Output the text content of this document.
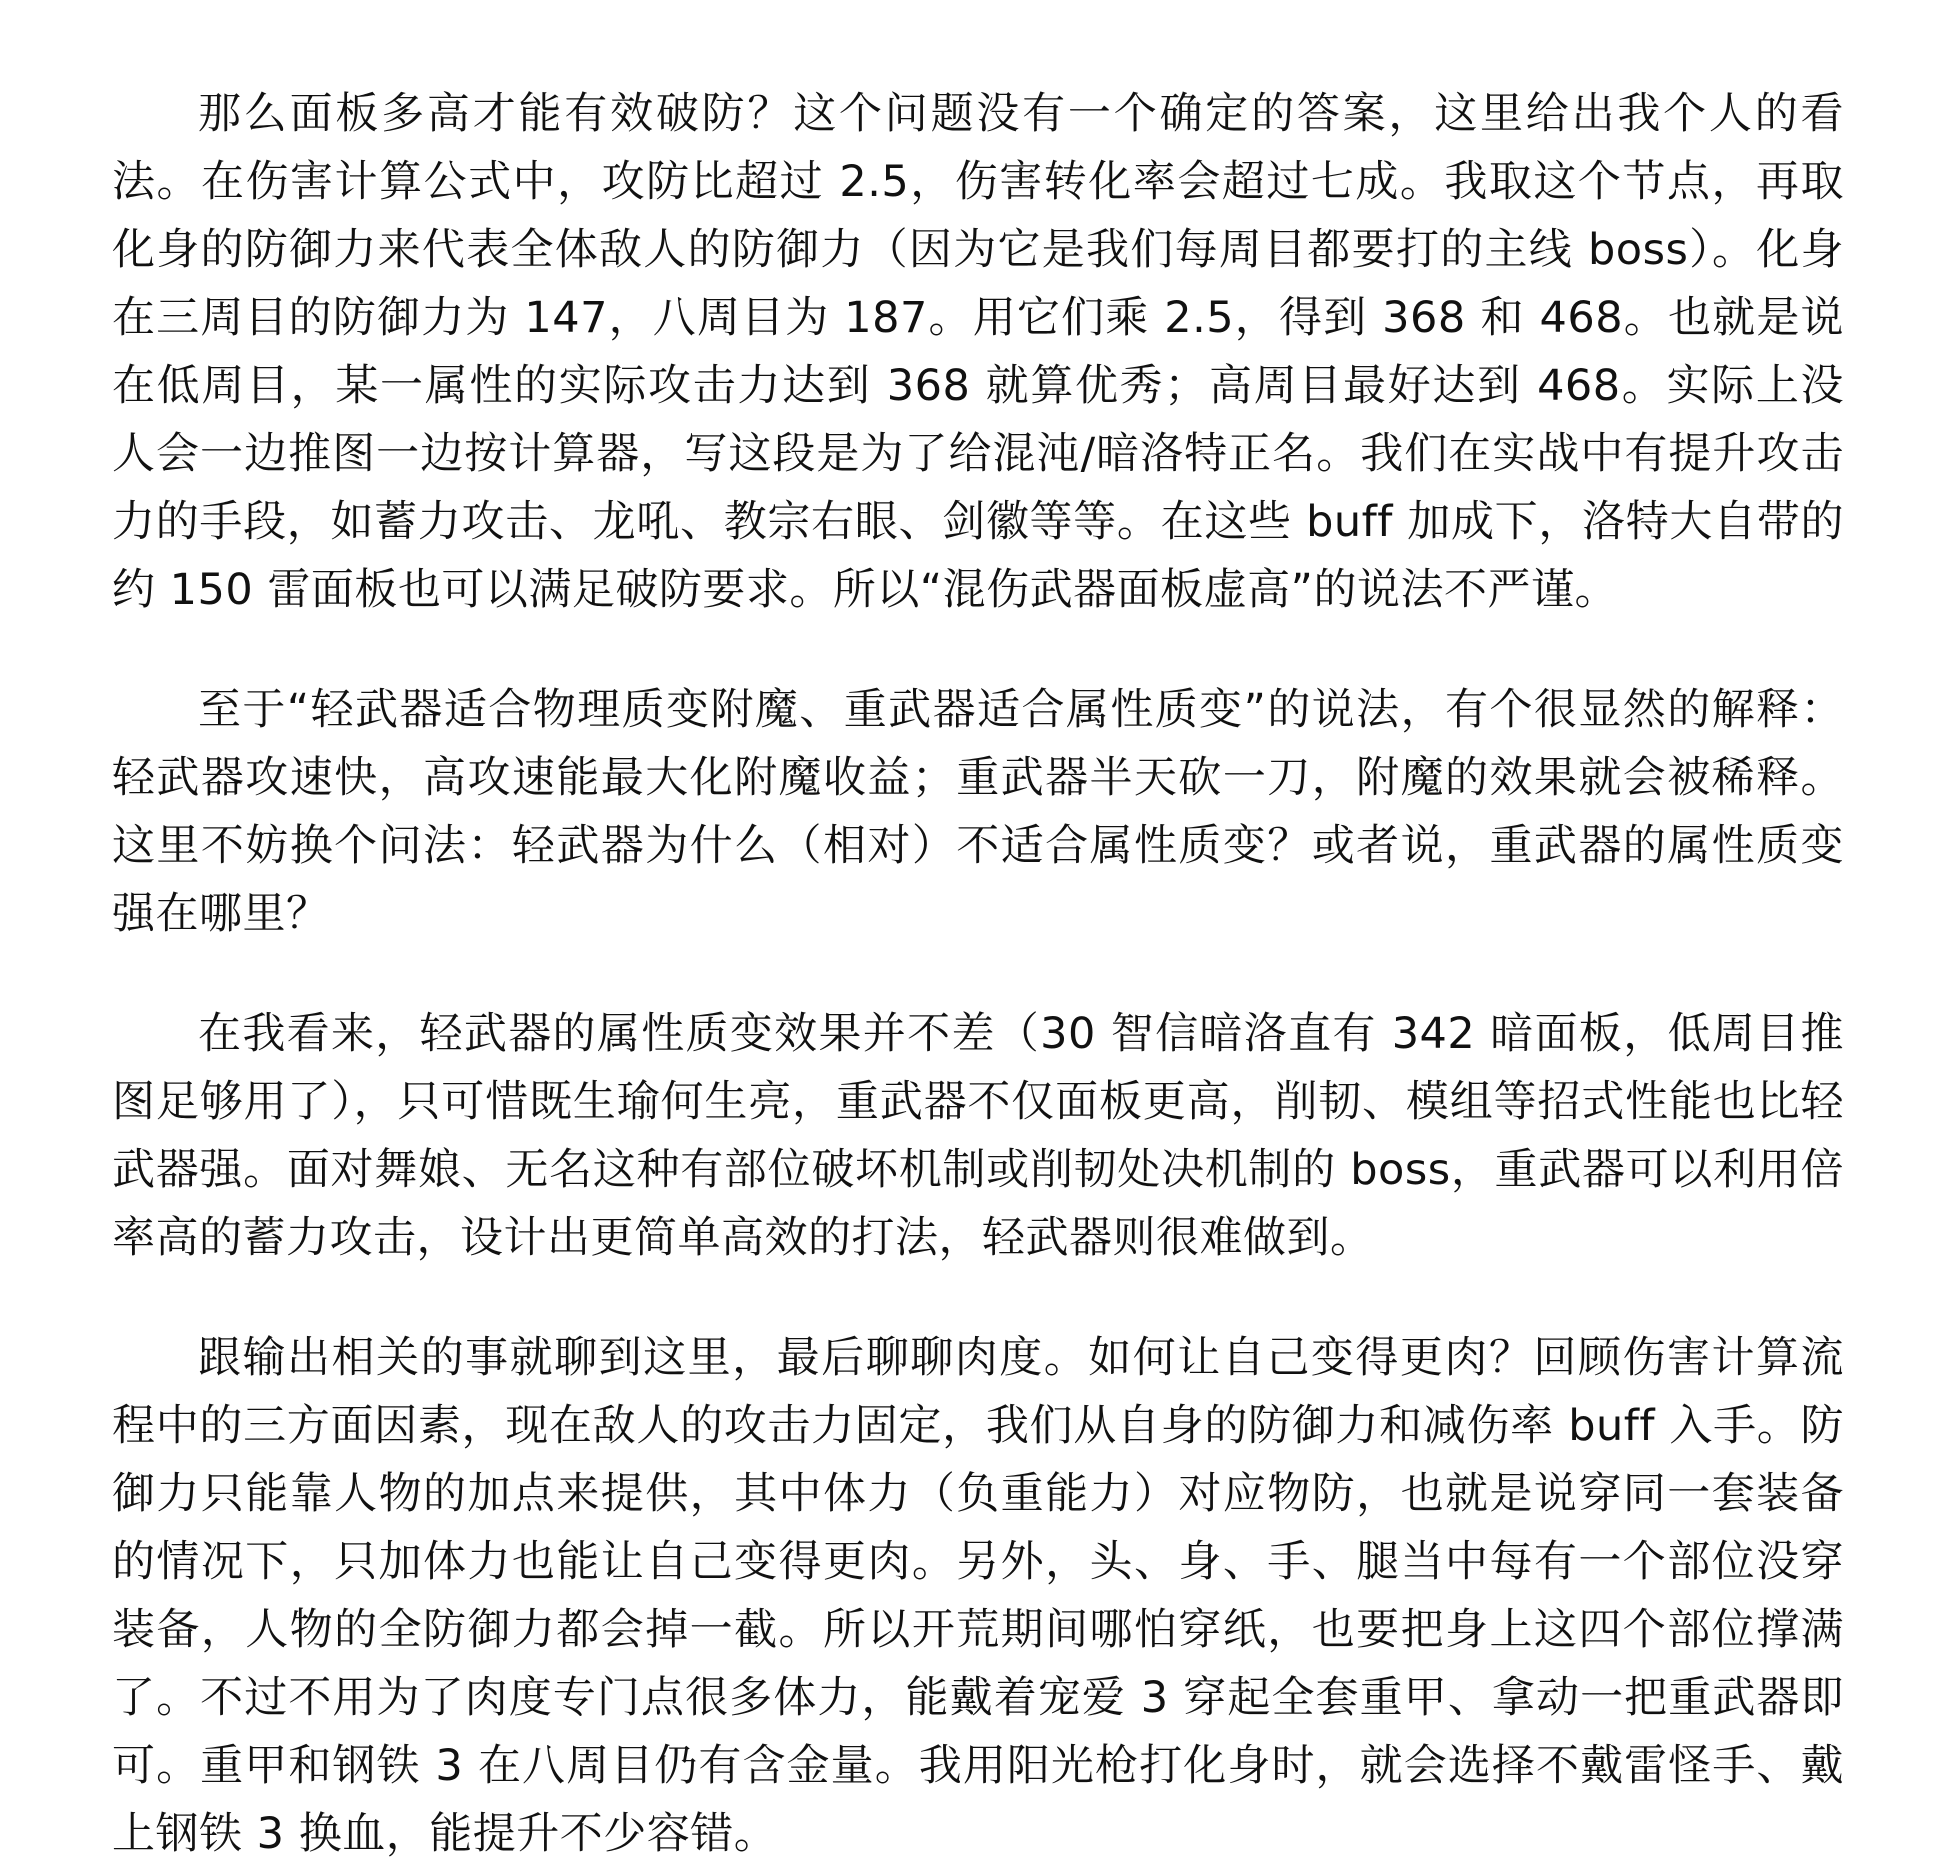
那么面板多高才能有效破防？这个问题没有一个确定的答案，这里给出我个人的看法。在伤害计算公式中，攻防比超过 2.5，伤害转化率会超过七成。我取这个节点，再取化身的防御力来代表全体敌人的防御力（因为它是我们每周目都要打的主线 boss）。化身在三周目的防御力为 147，八周目为 187。用它们乘 2.5，得到 368 和 468。也就是说在低周目，某一属性的实际攻击力达到 368 就算优秀；高周目最好达到 468。实际上没人会一边推图一边按计算器，写这段是为了给混沌/暗洛特正名。我们在实战中有提升攻击力的手段，如蓄力攻击、龙吼、教宗右眼、剑徽等等。在这些 buff 加成下，洛特大自带的约 150 雷面板也可以满足破防要求。所以“混伤武器面板虚高”的说法不严谨。

至于“轻武器适合物理质变附魔、重武器适合属性质变”的说法，有个很显然的解释：轻武器攻速快，高攻速能最大化附魔收益；重武器半天砍一刀，附魔的效果就会被稀释。这里不妨换个问法：轻武器为什么（相对）不适合属性质变？或者说，重武器的属性质变强在哪里？

在我看来，轻武器的属性质变效果并不差（30 智信暗洛直有 342 暗面板，低周目推图足够用了），只可惜既生瑜何生亮，重武器不仅面板更高，削韧、模组等招式性能也比轻武器强。面对舞娘、无名这种有部位破坏机制或削韧处决机制的 boss，重武器可以利用倍率高的蓄力攻击，设计出更简单高效的打法，轻武器则很难做到。

跟输出相关的事就聊到这里，最后聊聊肉度。如何让自己变得更肉？回顾伤害计算流程中的三方面因素，现在敌人的攻击力固定，我们从自身的防御力和减伤率 buff 入手。防御力只能靠人物的加点来提供，其中体力（负重能力）对应物防，也就是说穿同一套装备的情况下，只加体力也能让自己变得更肉。另外，头、身、手、腿当中每有一个部位没穿装备，人物的全防御力都会掉一截。所以开荒期间哪怕穿纸，也要把身上这四个部位撑满了。不过不用为了肉度专门点很多体力，能戴着宠爱 3 穿起全套重甲、拿动一把重武器即可。重甲和钢铁 3 在八周目仍有含金量。我用阳光枪打化身时，就会选择不戴雷怪手、戴上钢铁 3 换血，能提升不少容错。
